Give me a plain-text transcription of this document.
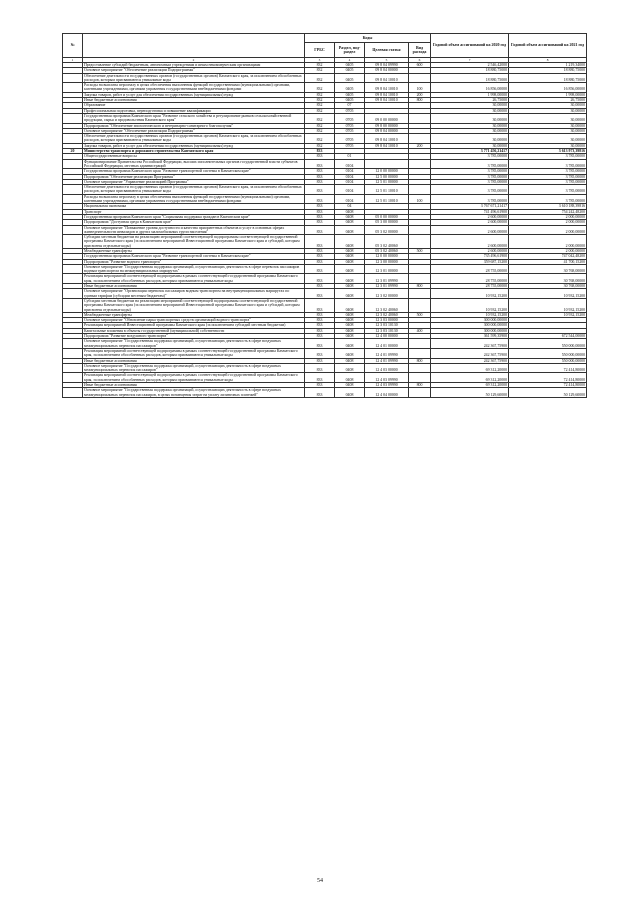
№		Коды				Годовой объем ассигнований на 2020 год	Годовой объем ассигнований на 2021 год
		ГРБС	Раздел, под-раздел	Целевая статья	Вид расхода		
1	2	3	4	5	6	7	8
	Предоставление субсидий бюджетным, автономным учреждениям и иным некоммерческим организациям	832	0405	09 8 04 09990	600	2 546,42000	1 219,34000
	Основное мероприятие "Обеспечение реализации Подпрограммы"	832	0405	09 8 04 00000		18 880,75000	18 880,75000
	Обеспечение деятельности государственных органов (государственных органов) Камчатского края, за исключением обособленных расходов, которым присваиваются уникальные коды	832	0405	09 8 04 10010		18 880,75000	18 880,75000
	Расходы на выплаты персоналу в целях обеспечения выполнения функций государственными (муниципальными) органами, казенными учреждениями, органами управления государственными внебюджетными фондами	832	0405	09 8 04 10010	100	16 856,00000	16 856,00000
	Закупка товаров, работ и услуг для обеспечения государственных (муниципальных) нужд	832	0405	09 8 04 10010	200	1 998,00000	1 998,00000
	Иные бюджетные ассигнования	832	0405	09 8 04 10010	800	26,75000	26,75000
	Образование	832	07			30,00000	30,00000
	Профессиональная подготовка, переподготовка и повышение квалификации	832	0705			30,00000	30,00000
	Государственная программа Камчатского края "Развитие сельского хозяйства и регулирование рынков сельскохозяйственной продукции, сырья и продовольствия Камчатского края"	832	0705	09 0 00 00000		30,00000	30,00000
	Подпрограмма "Обеспечение эпизоотического и ветеринарно-санитарного благополучия"	832	0705	09 8 00 00000		30,00000	30,00000
	Основное мероприятие "Обеспечение реализации Подпрограммы"	832	0705	09 8 04 00000		30,00000	30,00000
	Обеспечение деятельности государственных органов (государственных органов) Камчатского края, за исключением обособленных расходов, которым присваиваются уникальные коды	832	0705	09 8 04 10010		30,00000	30,00000
	Закупка товаров, работ и услуг для обеспечения государственных (муниципальных) нужд	832	0705	09 8 04 10010	200	30,00000	30,00000
20	Министерство транспорта и дорожного строительства Камчатского края	833				3 771 456,21417	3 613 973,39816
	Общегосударственные вопросы	833	01			3 785,00000	3 785,00000
	Функционирование Правительства Российской Федерации, высших исполнительных органов государственной власти субъектов Российской Федерации, местных администраций	833	0104			3 785,00000	3 785,00000
	Государственная программа Камчатского края "Развитие транспортной системы в Камчатском крае"	833	0104	12 0 00 00000		3 785,00000	3 785,00000
	Подпрограмма "Обеспечение реализации Программы"	833	0104	12 5 00 00000		3 785,00000	3 785,00000
	Основное мероприятие "Управление реализацией Программы"	833	0104	12 5 01 00000		3 785,00000	3 785,00000
	Обеспечение деятельности государственных органов (государственных органов) Камчатского края, за исключением обособленных расходов, которым присваиваются уникальные коды	833	0104	12 5 01 10010		3 785,00000	3 785,00000
	Расходы на выплаты персоналу в целях обеспечения выполнения функций государственными (муниципальными) органами, казенными учреждениями, органами управления государственными внебюджетными фондами	833	0104	12 5 01 10010	100	3 785,00000	3 785,00000
	Национальная экономика	833	04			3 767 671,21417	3 610 188,39816
	Транспорт	833	0408			741 496,61900	754 242,48200
	Государственная программа Камчатского края "Социальная поддержка граждан в Камчатском крае"	833	0408	05 0 00 00000		2 600,00000	2 000,00000
	Подпрограмма "Доступная среда в Камчатском крае"	833	0408	05 3 00 00000		2 600,00000	2 000,00000
	Основное мероприятие "Повышение уровня доступности и качества приоритетных объектов и услуг в основных сферах жизнедеятельности инвалидов и других маломобильных групп населения"	833	0408	05 3 02 00000		2 600,00000	2 000,00000
	Субсидии местным бюджетам на реализацию мероприятий соответствующей подпрограммы соответствующей государственной программы Камчатского края (за исключением мероприятий Инвестиционной программы Камчатского края и субсидий, которым присвоены отдельные коды)	833	0408	05 3 02 40060		2 600,00000	2 000,00000
	Межбюджетные трансферты	833	0408	05 3 02 40060	500	2 600,00000	2 000,00000
	Государственная программа Камчатского края "Развитие транспортной системы в Камчатском крае"	833	0408	12 0 00 00000		735 496,61900	747 042,48200
	Подпрограмма "Развитие водного транспорта"	833	0408	12 3 00 00000		359 687,15200	41 700,15200
	Основное мероприятие "Государственная поддержка организаций, осуществляющих деятельность в сфере перевозок пассажиров водным транспортом на межмуниципальных маршрутах"	833	0408	12 3 01 00000		28 755,00000	30 768,00000
	Реализация мероприятий соответствующей подпрограммы в рамках соответствующей государственной программы Камчатского края, за исключением обособленных расходов, которым присваиваются уникальные коды	833	0408	12 3 01 09990		28 755,00000	30 768,00000
	Иные бюджетные ассигнования	833	0408	12 3 01 09990	800	28 755,00000	30 768,00000
	Основное мероприятие "Организация перевозок пассажиров водным транспортом на внутримуниципальных маршрутах по единым тарифам (субсидии местным бюджетам)"	833	0408	12 3 02 00000		10 932,15200	10 932,15200
	Субсидии местным бюджетам на реализацию мероприятий соответствующей подпрограммы соответствующей государственной программы Камчатского края (за исключением мероприятий Инвестиционной программы Камчатского края и субсидий, которым присвоены отдельные коды)	833	0408	12 3 02 40060		10 932,15200	10 932,15200
	Межбюджетные трансферты	833	0408	12 3 02 40060	500	10 932,15200	10 932,15200
	Основное мероприятие "Обновление парка транспортных средств организаций водного транспорта"	833	0408	12 3 03 00000		300 000,00000	
	Реализация мероприятий Инвестиционной программы Камчатского края (за исключением субсидий местным бюджетам)	833	0408	12 3 03 10130		300 000,00000	
	Капитальные вложения в объекты государственной (муниципальной) собственности	833	0408	12 3 03 10130	400	300 000,00000	
	Подпрограмма "Развитие воздушного транспорта"	833	0408	12 4 00 00000		361 599,35900	672 544,00000
	Основное мероприятие "Государственная поддержка организаций, осуществляющих деятельность в сфере воздушных межмуниципальных перевозок пассажиров"	833	0408	12 4 01 00000		242 367,75900	550 000,00000
	Реализация мероприятий соответствующей подпрограммы в рамках соответствующей государственной программы Камчатского края, за исключением обособленных расходов, которым присваиваются уникальные коды	833	0408	12 4 01 09990		242 367,75900	550 000,00000
	Иные бюджетные ассигнования	833	0408	12 4 01 09990	800	242 367,75900	550 000,00000
	Основное мероприятие "Государственная поддержка организаций, осуществляющих деятельность в сфере воздушных межмуниципальных перевозок пассажиров"	833	0408	12 4 03 00000		69 312,20000	72 414,80000
	Реализация мероприятий соответствующей подпрограммы в рамках соответствующей государственной программы Камчатского края, за исключением обособленных расходов, которым присваиваются уникальные коды	833	0408	12 4 03 09990		69 312,20000	72 414,80000
	Иные бюджетные ассигнования	833	0408	12 4 03 09990	800	69 312,20000	72 414,80000
	Основное мероприятие "Государственная поддержка организаций, осуществляющих деятельность в сфере воздушных межмуниципальных перевозок пассажиров, в целях возмещения затрат на уплату лизинговых платежей"	833	0408	12 4 04 00000		50 129,60000	50 129,60000
54
